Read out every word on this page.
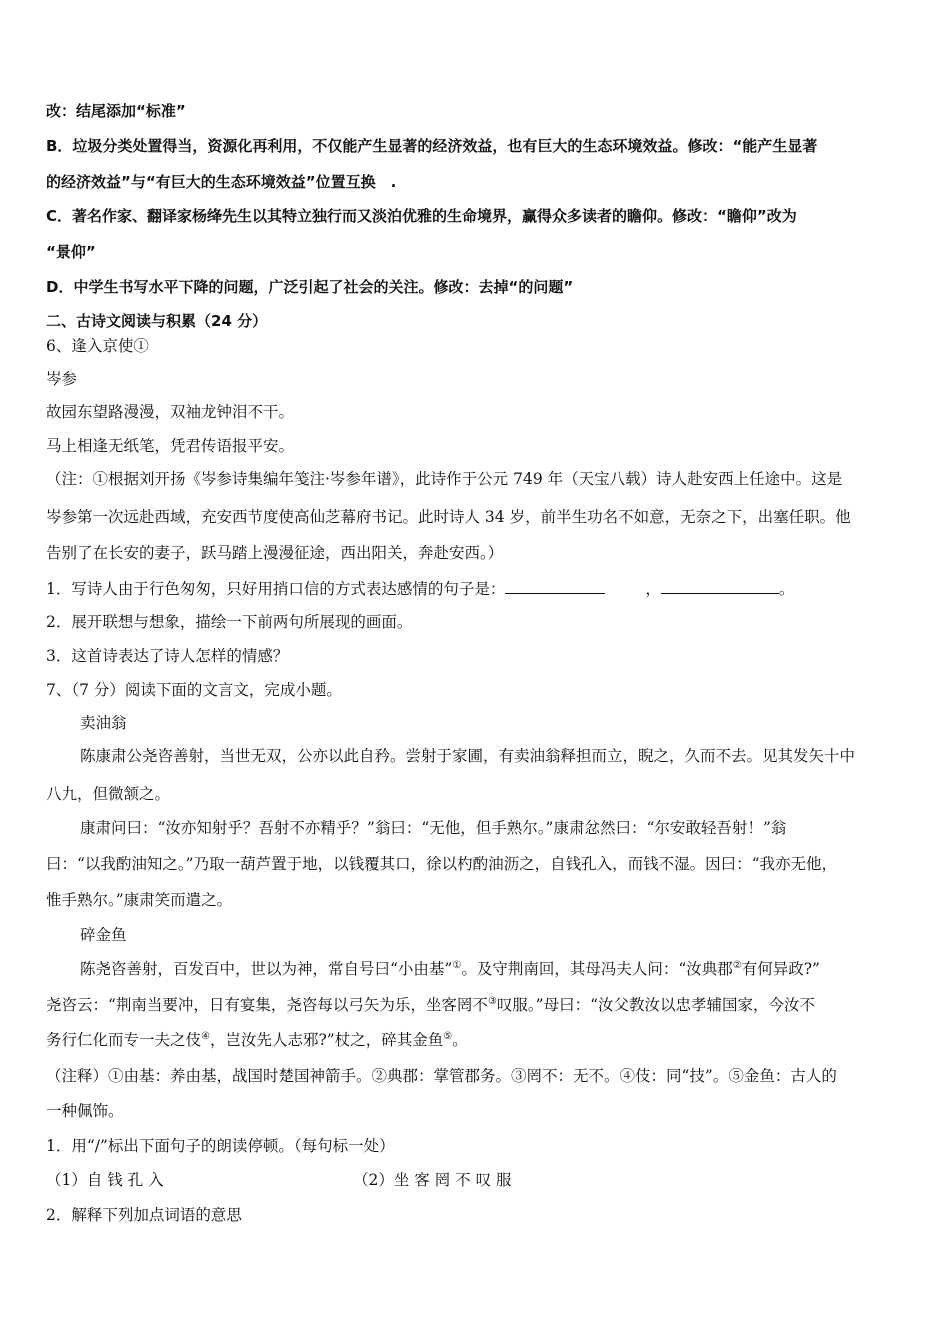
改：结尾添加“标准”
B．垃圾分类处置得当，资源化再利用，不仅能产生显著的经济效益，也有巨大的生态环境效益。修改：“能产生显著
的经济效益”与“有巨大的生态环境效益”位置互换　.
C．著名作家、翻译家杨绛先生以其特立独行而又淡泊优雅的生命境界，赢得众多读者的瞻仰。修改：“瞻仰”改为
“景仰”
D．中学生书写水平下降的问题，广泛引起了社会的关注。修改：去掉“的问题”
二、古诗文阅读与积累（24 分）
6、逢入京使①
岑参
故园东望路漫漫，双袖龙钟泪不干。
马上相逢无纸笔，凭君传语报平安。
（注：①根据刘开扬《岑参诗集编年笺注·岑参年谱》，此诗作于公元 749 年（天宝八载）诗人赴安西上任途中。这是
岑参第一次远赴西域，充安西节度使高仙芝幕府书记。此时诗人 34 岁，前半生功名不如意，无奈之下，出塞任职。他
告别了在长安的妻子，跃马踏上漫漫征途，西出阳关，奔赴安西。）
1．写诗人由于行色匆匆，只好用捎口信的方式表达感情的句子是：	，	。
2．展开联想与想象，描绘一下前两句所展现的画面。
3．这首诗表达了诗人怎样的情感？
7、（7 分）阅读下面的文言文，完成小题。
卖油翁
陈康肃公尧咨善射，当世无双，公亦以此自矜。尝射于家圃，有卖油翁释担而立，睨之，久而不去。见其发矢十中
八九，但微颔之。
康肃问曰：“汝亦知射乎？吾射不亦精乎？”翁曰：“无他，但手熟尔。”康肃忿然曰：“尔安敢轻吾射！”翁
曰：“以我酌油知之。”乃取一葫芦置于地，以钱覆其口，徐以杓酌油沥之，自钱孔入，而钱不湿。因曰：“我亦无他，
惟手熟尔。”康肃笑而遣之。
碎金鱼
陈尧咨善射，百发百中，世以为神，常自号曰“小由基”①。及守荆南回，其母冯夫人问：“汝典郡②有何异政?”
尧咨云：“荆南当要冲，日有宴集，尧咨每以弓矢为乐，坐客罔不③叹服。”母曰：“汝父教汝以忠孝辅国家，今汝不
务行仁化而专一夫之伎④，岂汝先人志邪?”杖之，碎其金鱼⑤。
（注释）①由基：养由基，战国时楚国神箭手。②典郡：掌管郡务。③罔不：无不。④伎：同“技”。⑤金鱼：古人的
一种佩饰。
1．用“/”标出下面句子的朗读停顿。（每句标一处）
（1）自 钱 孔 入	（2）坐 客 罔 不 叹 服
2．解释下列加点词语的意思
